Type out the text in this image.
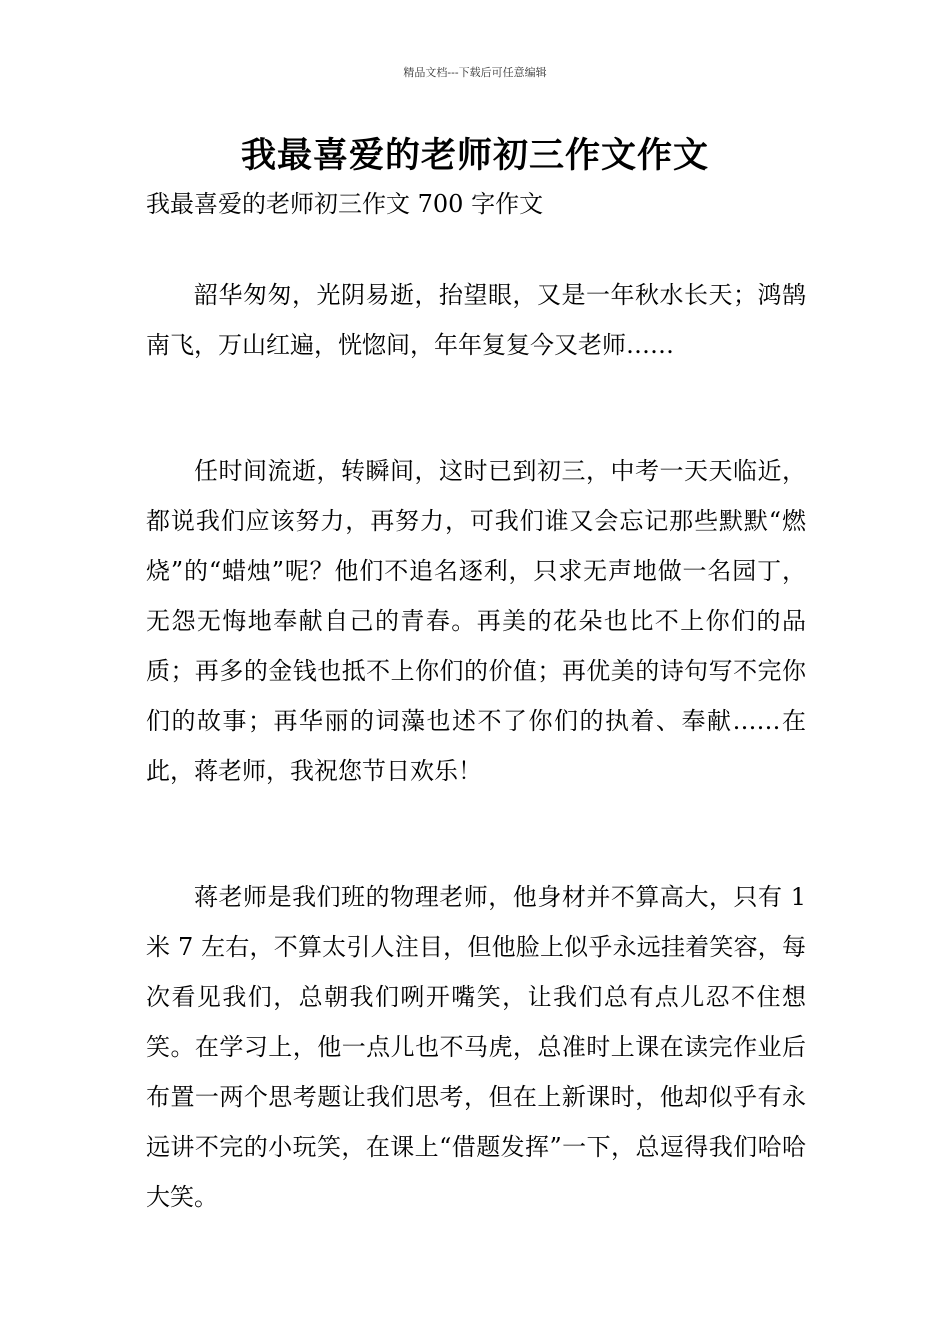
精品文档---下载后可任意编辑
我最喜爱的老师初三作文作文
我最喜爱的老师初三作文 700 字作文

韶华匆匆，光阴易逝，抬望眼，又是一年秋水长天；鸿鹄南飞，万山红遍，恍惚间，年年复复今又老师……

任时间流逝，转瞬间，这时已到初三，中考一天天临近，都说我们应该努力，再努力，可我们谁又会忘记那些默默“燃烧”的“蜡烛”呢？他们不追名逐利，只求无声地做一名园丁，无怨无悔地奉献自己的青春。再美的花朵也比不上你们的品质；再多的金钱也抵不上你们的价值；再优美的诗句写不完你们的故事；再华丽的词藻也述不了你们的执着、奉献……在此，蒋老师，我祝您节日欢乐！

蒋老师是我们班的物理老师，他身材并不算高大，只有 1 米 7 左右，不算太引人注目，但他脸上似乎永远挂着笑容，每次看见我们，总朝我们咧开嘴笑，让我们总有点儿忍不住想笑。在学习上，他一点儿也不马虎，总准时上课在读完作业后布置一两个思考题让我们思考，但在上新课时，他却似乎有永远讲不完的小玩笑，在课上“借题发挥”一下，总逗得我们哈哈大笑。
